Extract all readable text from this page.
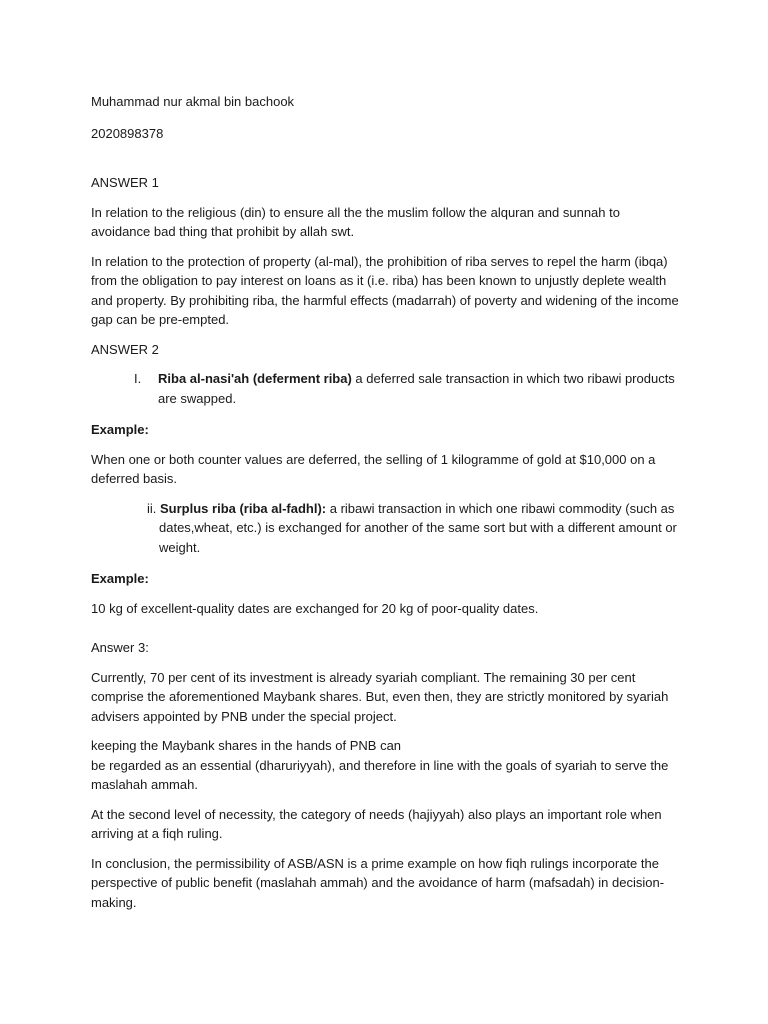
Muhammad nur akmal bin bachook

2020898378

ANSWER 1

In relation to the religious (din) to ensure all the the muslim follow the alquran and sunnah to avoidance bad thing that prohibit by allah swt.

In relation to the protection of property (al-mal), the prohibition of riba serves to repel the harm (ibqa) from the obligation to pay interest on loans as it (i.e. riba) has been known to unjustly deplete wealth and property. By prohibiting riba, the harmful effects (madarrah) of poverty and widening of the income gap can be pre-empted.

ANSWER 2

I.	Riba al-nasi'ah (deferment riba) a deferred sale transaction in which two ribawi products are swapped.

Example:

When one or both counter values are deferred, the selling of 1 kilogramme of gold at $10,000 on a deferred basis.

ii. Surplus riba (riba al-fadhl): a ribawi transaction in which one ribawi commodity (such as dates,wheat, etc.) is exchanged for another of the same sort but with a different amount or weight.

Example:

10 kg of excellent-quality dates are exchanged for 20 kg of poor-quality dates.

Answer 3:

Currently, 70 per cent of its investment is already syariah compliant. The remaining 30 per cent comprise the aforementioned Maybank shares. But, even then, they are strictly monitored by syariah advisers appointed by PNB under the special project.

keeping the Maybank shares in the hands of PNB can
be regarded as an essential (dharuriyyah), and therefore in line with the goals of syariah to serve the maslahah ammah.

At the second level of necessity, the category of needs (hajiyyah) also plays an important role when arriving at a fiqh ruling.

In conclusion, the permissibility of ASB/ASN is a prime example on how fiqh rulings incorporate the perspective of public benefit (maslahah ammah) and the avoidance of harm (mafsadah) in decision-making.
